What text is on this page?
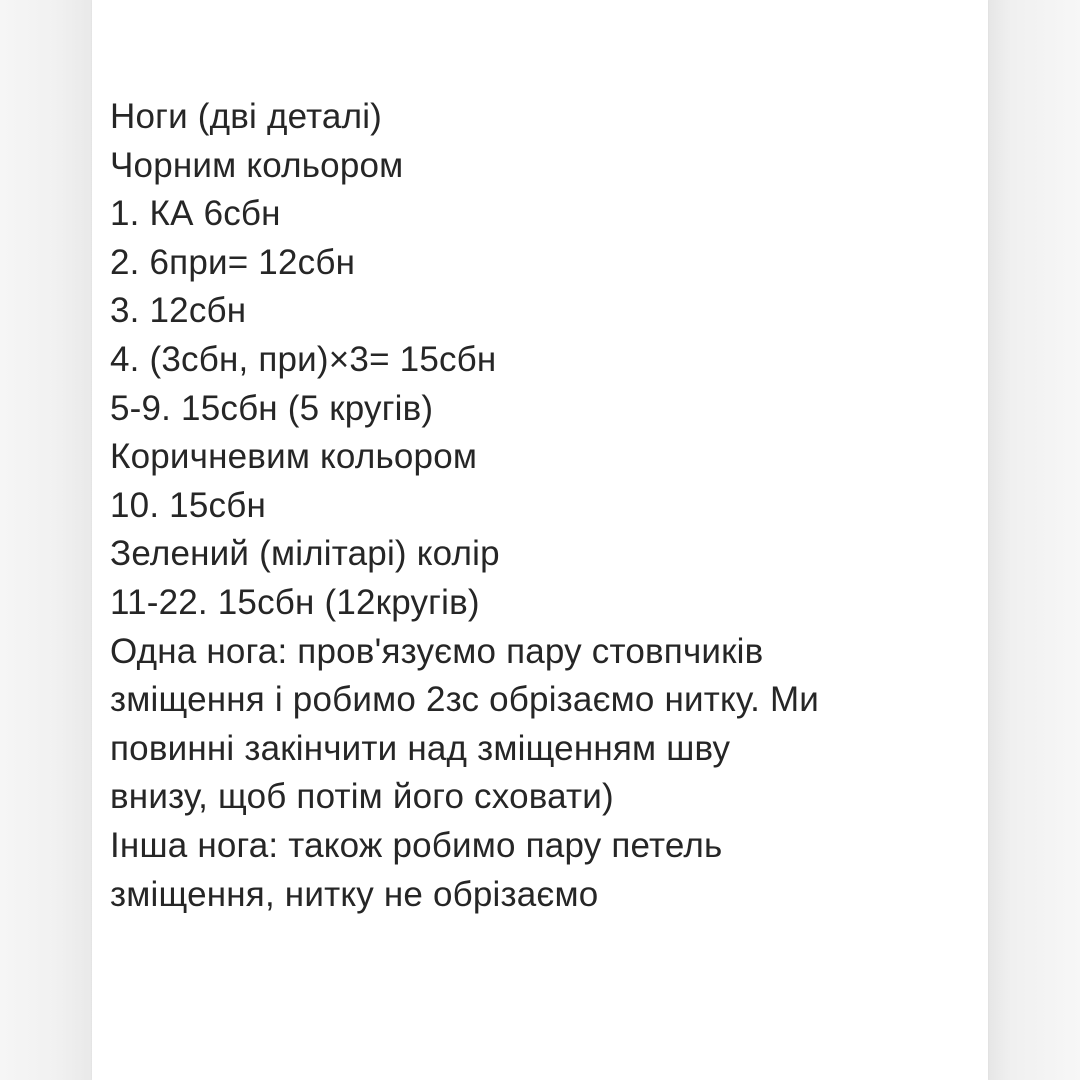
Ноги (дві деталі)
Чорним кольором
1. КА 6сбн
2. 6при= 12сбн
3. 12сбн
4. (3сбн, при)×3= 15сбн
5-9. 15сбн (5 кругів)
Коричневим кольором
10. 15сбн
Зелений (мілітарі) колір
11-22. 15сбн (12кругів)
Одна нога: пров'язуємо пару стовпчиків
зміщення і робимо 2зс обрізаємо нитку. Ми
повинні закінчити над зміщенням шву
внизу, щоб потім його сховати)
Інша нога: також робимо пару петель
зміщення, нитку не обрізаємо
